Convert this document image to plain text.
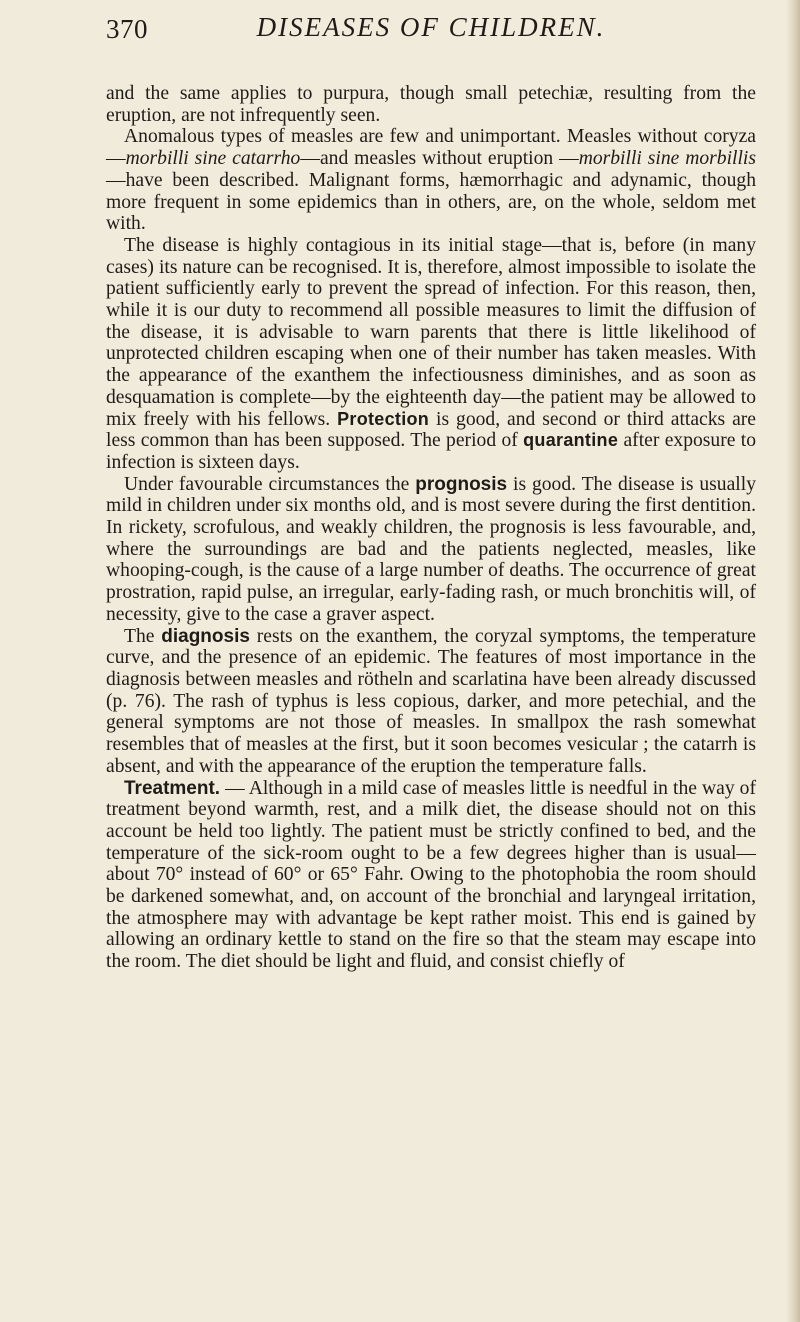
370	DISEASES OF CHILDREN.

and the same applies to purpura, though small petechiæ, resulting from the eruption, are not infrequently seen.

Anomalous types of measles are few and unimportant. Measles without coryza—morbilli sine catarrho—and measles without eruption —morbilli sine morbillis—have been described. Malignant forms, hæmorrhagic and adynamic, though more frequent in some epidemics than in others, are, on the whole, seldom met with.

The disease is highly contagious in its initial stage—that is, before (in many cases) its nature can be recognised. It is, therefore, almost impossible to isolate the patient sufficiently early to prevent the spread of infection. For this reason, then, while it is our duty to recommend all possible measures to limit the diffusion of the disease, it is advisable to warn parents that there is little likelihood of unprotected children escaping when one of their number has taken measles. With the appearance of the exanthem the infectiousness diminishes, and as soon as desquamation is complete—by the eighteenth day—the patient may be allowed to mix freely with his fellows. Protection is good, and second or third attacks are less common than has been supposed. The period of quarantine after exposure to infection is sixteen days.

Under favourable circumstances the prognosis is good. The disease is usually mild in children under six months old, and is most severe during the first dentition. In rickety, scrofulous, and weakly children, the prognosis is less favourable, and, where the surroundings are bad and the patients neglected, measles, like whooping-cough, is the cause of a large number of deaths. The occurrence of great prostration, rapid pulse, an irregular, early-fading rash, or much bronchitis will, of necessity, give to the case a graver aspect.

The diagnosis rests on the exanthem, the coryzal symptoms, the temperature curve, and the presence of an epidemic. The features of most importance in the diagnosis between measles and rötheln and scarlatina have been already discussed (p. 76). The rash of typhus is less copious, darker, and more petechial, and the general symptoms are not those of measles. In smallpox the rash somewhat resembles that of measles at the first, but it soon becomes vesicular ; the catarrh is absent, and with the appearance of the eruption the temperature falls.

Treatment. — Although in a mild case of measles little is needful in the way of treatment beyond warmth, rest, and a milk diet, the disease should not on this account be held too lightly. The patient must be strictly confined to bed, and the temperature of the sick-room ought to be a few degrees higher than is usual—about 70° instead of 60° or 65° Fahr. Owing to the photophobia the room should be darkened somewhat, and, on account of the bronchial and laryngeal irritation, the atmosphere may with advantage be kept rather moist. This end is gained by allowing an ordinary kettle to stand on the fire so that the steam may escape into the room. The diet should be light and fluid, and consist chiefly of
